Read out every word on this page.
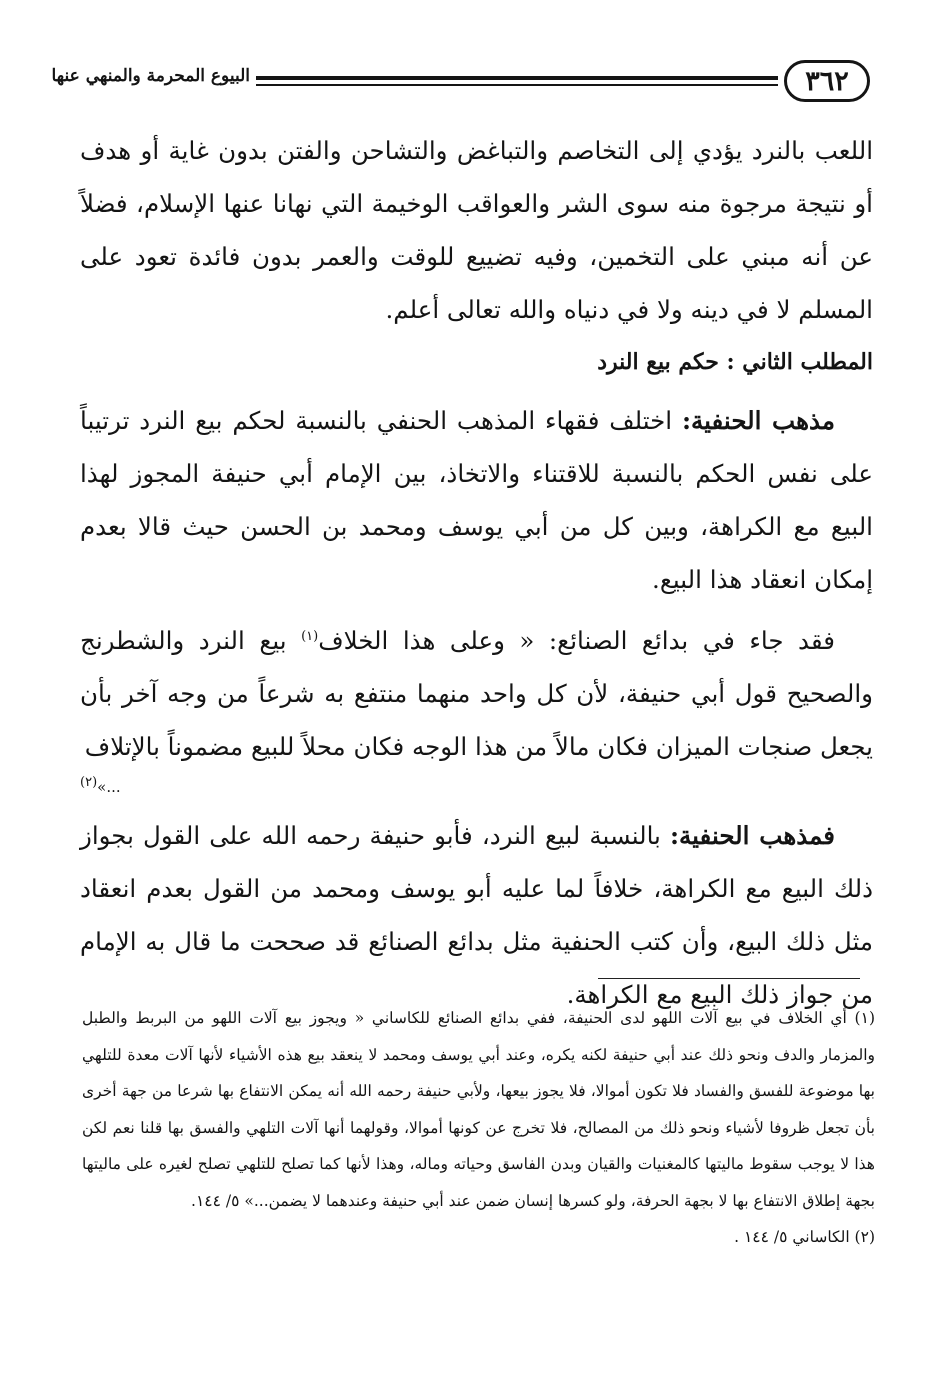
٣٦٢
البيوع المحرمة والمنهي عنها

اللعب بالنرد يؤدي إلى التخاصم والتباغض والتشاحن والفتن بدون غاية أو هدف أو نتيجة مرجوة منه سوى الشر والعواقب الوخيمة التي نهانا عنها الإسلام، فضلاً عن أنه مبني على التخمين، وفيه تضييع للوقت والعمر بدون فائدة تعود على المسلم لا في دينه ولا في دنياه والله تعالى أعلم.

المطلب الثاني : حكم بيع النرد

مذهب الحنفية: اختلف فقهاء المذهب الحنفي بالنسبة لحكم بيع النرد ترتيباً على نفس الحكم بالنسبة للاقتناء والاتخاذ، بين الإمام أبي حنيفة المجوز لهذا البيع مع الكراهة، وبين كل من أبي يوسف ومحمد بن الحسن حيث قالا بعدم إمكان انعقاد هذا البيع.

فقد جاء في بدائع الصنائع: « وعلى هذا الخلاف$^{(١)}$ بيع النرد والشطرنج والصحيح قول أبي حنيفة، لأن كل واحد منهما منتفع به شرعاً من وجه آخر بأن يجعل صنجات الميزان فكان مالاً من هذا الوجه فكان محلاً للبيع مضموناً بالإتلاف

...»(٢)

فمذهب الحنفية: بالنسبة لبيع النرد، فأبو حنيفة رحمه الله على القول بجواز ذلك البيع مع الكراهة، خلافاً لما عليه أبو يوسف ومحمد من القول بعدم انعقاد مثل ذلك البيع، وأن كتب الحنفية مثل بدائع الصنائع قد صححت ما قال به الإمام من جواز ذلك البيع مع الكراهة.

(١) أي الخلاف في بيع آلات اللهو لدى الحنيفة، ففي بدائع الصنائع للكاساني « ويجوز بيع آلات اللهو من البربط والطبل والمزمار والدف ونحو ذلك عند أبي حنيفة لكنه يكره، وعند أبي يوسف ومحمد لا ينعقد بيع هذه الأشياء لأنها آلات معدة للتلهي بها موضوعة للفسق والفساد فلا تكون أموالا، فلا يجوز بيعها، ولأبي حنيفة رحمه الله أنه يمكن الانتفاع بها شرعا من جهة أخرى بأن تجعل ظروفا لأشياء ونحو ذلك من المصالح، فلا تخرج عن كونها أموالا، وقولهما أنها آلات التلهي والفسق بها قلنا نعم لكن هذا لا يوجب سقوط ماليتها كالمغنيات والقيان وبدن الفاسق وحياته وماله، وهذا لأنها كما تصلح للتلهي تصلح لغيره على ماليتها بجهة إطلاق الانتفاع بها لا بجهة الحرفة، ولو كسرها إنسان ضمن عند أبي حنيفة وعندهما لا يضمن...» ٥/ ١٤٤.

(٢) الكاساني ٥/ ١٤٤ .
